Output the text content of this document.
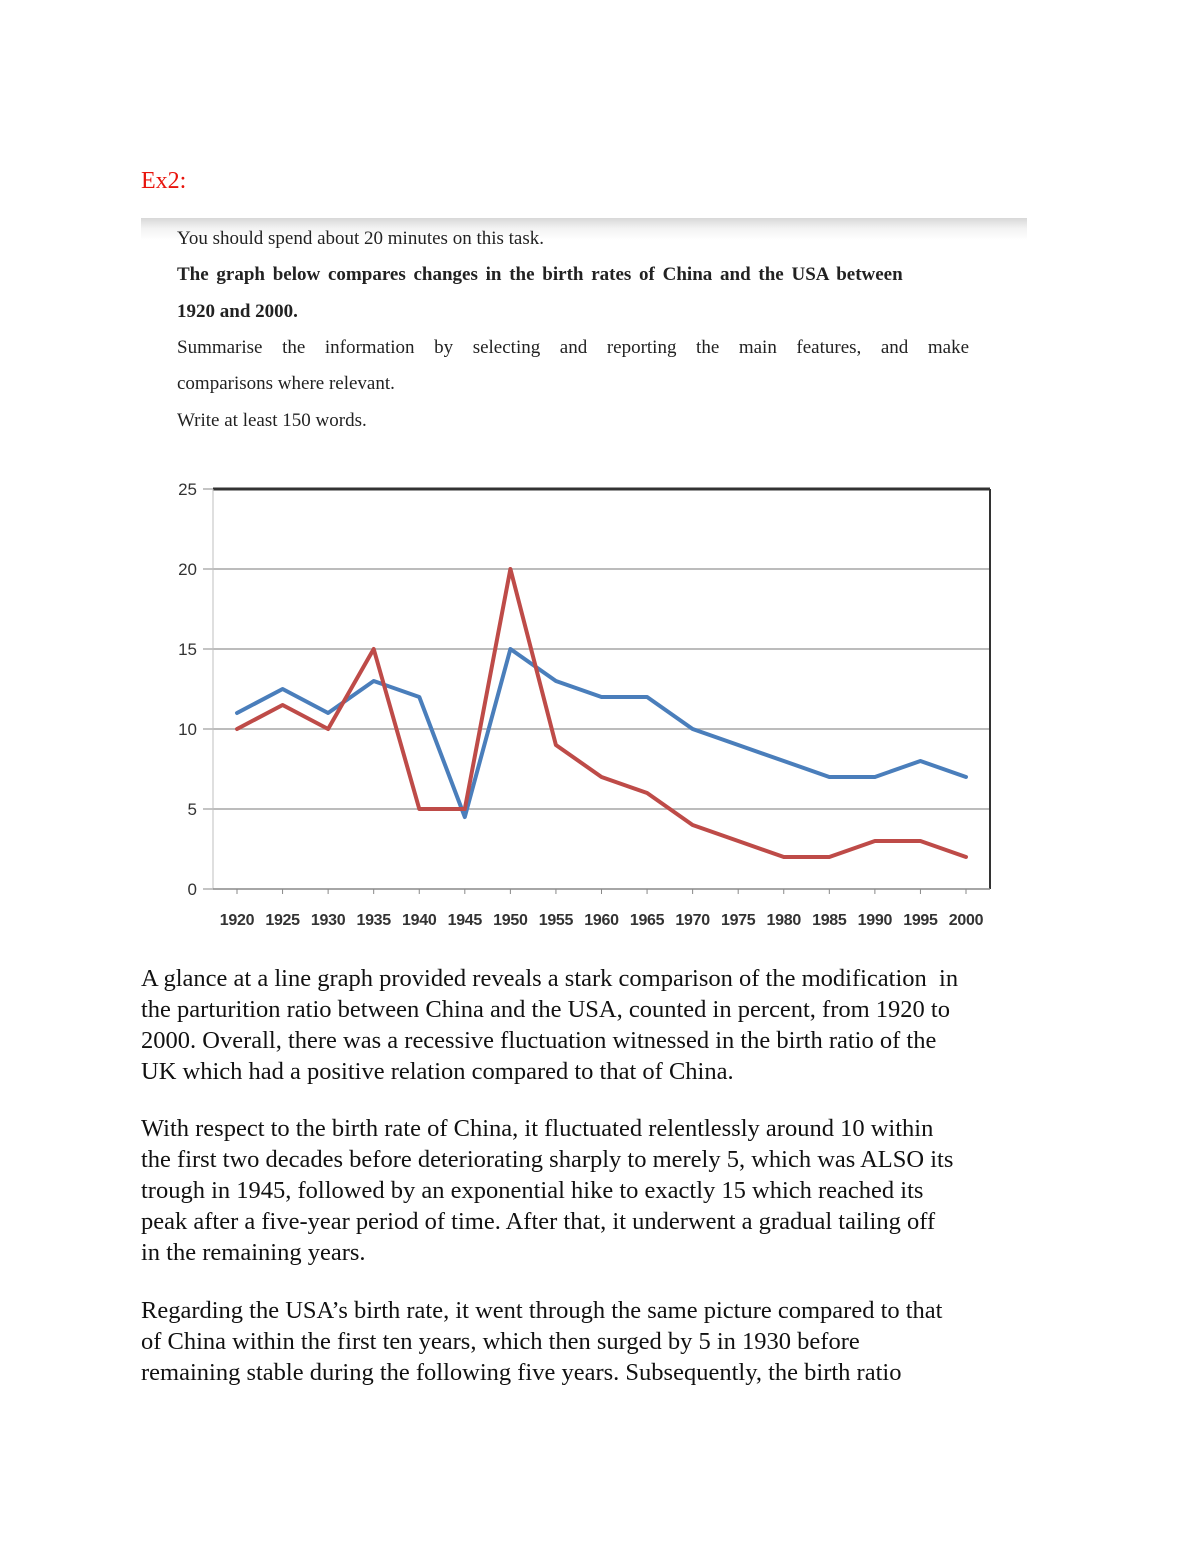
Ex2:
You should spend about 20 minutes on this task.
The graph below compares changes in the birth rates of China and the USA between
1920 and 2000.
Summarise the information by selecting and reporting the main features, and make
comparisons where relevant.
Write at least 150 words.
0
5
10
15
20
25
1920 1925 1930 1935 1940 1945 1950 1955 1960 1965 1970 1975 1980 1985 1990 1995 2000

A glance at a line graph provided reveals a stark comparison of the modification  in
the parturition ratio between China and the USA, counted in percent, from 1920 to
2000. Overall, there was a recessive fluctuation witnessed in the birth ratio of the
UK which had a positive relation compared to that of China.

With respect to the birth rate of China, it fluctuated relentlessly around 10 within
the first two decades before deteriorating sharply to merely 5, which was ALSO its
trough in 1945, followed by an exponential hike to exactly 15 which reached its
peak after a five-year period of time. After that, it underwent a gradual tailing off
in the remaining years.

Regarding the USA’s birth rate, it went through the same picture compared to that
of China within the first ten years, which then surged by 5 in 1930 before
remaining stable during the following five years. Subsequently, the birth ratio
